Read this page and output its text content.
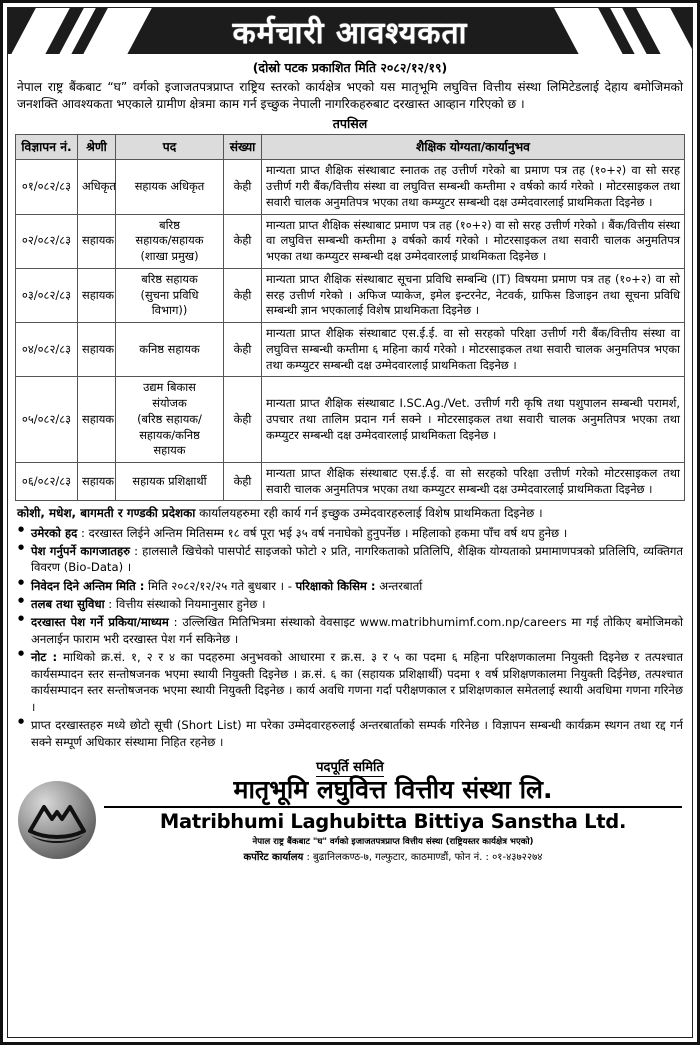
कर्मचारी आवश्यकता
(दोस्रो पटक प्रकाशित मिति २०८२/१२/१९)
नेपाल राष्ट्र बैंकबाट “घ” वर्गको इजाजतपत्रप्राप्त राष्ट्रिय स्तरको कार्यक्षेत्र भएको यस मातृभूमि लघुवित्त वित्तीय संस्था लिमिटेडलाई देहाय बमोजिमको जनशक्ति आवश्यकता भएकाले ग्रामीण क्षेत्रमा काम गर्न इच्छुक नेपाली नागरिकहरुबाट दरखास्त आव्हान गरिएको छ ।
तपसिल
विज्ञापन नं.	श्रेणी	पद	संख्या	शैक्षिक योग्यता/कार्यानुभव
०१/०८२/८३	अधिकृत	सहायक अधिकृत	केही	मान्यता प्राप्त शैक्षिक संस्थाबाट स्नातक तह उत्तीर्ण गरेको बा प्रमाण पत्र तह (१०+२) वा सो सरह उत्तीर्ण गरी बैंक/वित्तीय संस्था वा लघुवित्त सम्बन्धी कम्तीमा २ वर्षको कार्य गरेको । मोटरसाइकल तथा सवारी चालक अनुमतिपत्र भएका तथा कम्प्युटर सम्बन्धी दक्ष उम्मेदवारलाई प्राथमिकता दिइनेछ ।
०२/०८२/८३	सहायक	बरिष्ठ
सहायक/सहायक
(शाखा प्रमुख)	केही	मान्यता प्राप्त शैक्षिक संस्थाबाट प्रमाण पत्र तह (१०+२) वा सो सरह उत्तीर्ण गरेको । बैंक/वित्तीय संस्था वा लघुवित्त सम्बन्धी कम्तीमा ३ वर्षको कार्य गरेको । मोटरसाइकल तथा सवारी चालक अनुमतिपत्र भएका तथा कम्प्युटर सम्बन्धी दक्ष उम्मेदवारलाई प्राथमिकता दिइनेछ ।
०३/०८२/८३	सहायक	बरिष्ठ सहायक
(सुचना प्रविधि
विभाग))	केही	मान्यता प्राप्त शैक्षिक संस्थाबाट सूचना प्रविधि सम्बन्धि (IT) विषयमा प्रमाण पत्र तह (१०+२) वा सो सरह उत्तीर्ण गरेको । अफिज प्याकेज, इमेल इन्टरनेट, नेटवर्क, ग्राफिस डिजाइन तथा सूचना प्रविधि सम्बन्धी ज्ञान भएकालाई विशेष प्राथमिकता दिइनेछ ।
०४/०८२/८३	सहायक	कनिष्ठ सहायक	केही	मान्यता प्राप्त शैक्षिक संस्थाबाट एस.ई.ई. वा सो सरहको परिक्षा उत्तीर्ण गरी बैंक/वित्तीय संस्था वा लघुवित्त सम्बन्धी कम्तीमा ६ महिना कार्य गरेको । मोटरसाइकल तथा सवारी चालक अनुमतिपत्र भएका तथा कम्प्युटर सम्बन्धी दक्ष उम्मेदवारलाई प्राथमिकता दिइनेछ ।
०५/०८२/८३	सहायक	उद्यम बिकास
संयोजक
(बरिष्ठ सहायक/
सहायक/कनिष्ठ
सहायक	केही	मान्यता प्राप्त शैक्षिक संस्थाबाट I.SC.Ag./Vet. उत्तीर्ण गरी कृषि तथा पशुपालन सम्बन्धी परामर्श, उपचार तथा तालिम प्रदान गर्न सक्ने । मोटरसाइकल तथा सवारी चालक अनुमतिपत्र भएका तथा कम्प्युटर सम्बन्धी दक्ष उम्मेदवारलाई प्राथमिकता दिइनेछ ।
०६/०८२/८३	सहायक	सहायक प्रशिक्षार्थी	केही	मान्यता प्राप्त शैक्षिक संस्थाबाट एस.ई.ई. वा सो सरहको परिक्षा उत्तीर्ण गरेको मोटरसाइकल तथा सवारी चालक अनुमतिपत्र भएका तथा कम्प्युटर सम्बन्धी दक्ष उम्मेदवारलाई प्राथमिकता दिइनेछ ।
कोशी, मधेश, बागमती र गण्डकी प्रदेशका कार्यालयहरुमा रही कार्य गर्न इच्छुक उम्मेदवारहरुलाई विशेष प्राथमिकता दिइनेछ ।
● उमेरको हद : दरखास्त लिईने अन्तिम मितिसम्म १८ वर्ष पूरा भई ३५ वर्ष ननाघेको हुनुपर्नेछ । महिलाको हकमा पाँच वर्ष थप हुनेछ ।
● पेश गर्नुपर्ने कागजातहरु : हालसालै खिचेको पासपोर्ट साइजको फोटो २ प्रति, नागरिकताको प्रतिलिपि, शैक्षिक योग्यताको प्रमामाणपत्रको प्रतिलिपि, व्यक्तिगत विवरण (Bio-Data) ।
● निवेदन दिने अन्तिम मिति : मिति २०८२/१२/२५ गते बुधबार । - परिक्षाको किसिम : अन्तरबार्ता
● तलब तथा सुविधा : वित्तीय संस्थाको नियमानुसार हुनेछ ।
● दरखास्त पेश गर्ने प्रकिया/माध्यम : उल्लिखित मितिभित्रमा संस्थाको वेवसाइट www.matribhumimf.com.np/careers मा गई तोकिए बमोजिमको अनलाईन फाराम भरी दरखास्त पेश गर्न सकिनेछ ।
● नोट : माथिको क्र.सं. १, २ र ४ का पदहरुमा अनुभवको आधारमा र क्र.स. ३ र ५ का पदमा ६ महिना परिक्षणकालमा नियुक्ती दिइनेछ र तत्पश्चात कार्यसम्पादन स्तर सन्तोषजनक भएमा स्थायी नियुक्ती दिइनेछ । क्र.सं. ६ का (सहायक प्रशिक्षार्थी) पदमा १ वर्ष प्रशिक्षणकालमा नियुक्ती दिईनेछ, तत्पश्चात कार्यसम्पादन स्तर सन्तोषजनक भएमा स्थायी नियुक्ती दिइनेछ । कार्य अवधि गणना गर्दा परीक्षणकाल र प्रशिक्षणकाल समेतलाई स्थायी अवधिमा गणना गरिनेछ ।
● प्राप्त दरखास्तहरु मध्ये छोटो सूची (Short List) मा परेका उम्मेदवारहरुलाई अन्तरबार्ताको सम्पर्क गरिनेछ । विज्ञापन सम्बन्धी कार्यक्रम स्थगन तथा रद्द गर्न सक्ने सम्पूर्ण अधिकार संस्थामा निहित रहनेछ ।
पदपूर्ति समिति
मातृभूमि लघुवित्त वित्तीय संस्था लि.
Matribhumi Laghubitta Bittiya Sanstha Ltd.
नेपाल राष्ट्र बैंकबाट "घ" वर्गको इजाजतपत्रप्राप्त वित्तीय संस्था (राष्ट्रियस्तर कार्यक्षेत्र भएको)
कर्पोरेट कार्यालय : बुढानिलकण्ठ-७, गल्फुटार, काठमाण्डौं, फोन नं. : ०१-४३७२२७४
